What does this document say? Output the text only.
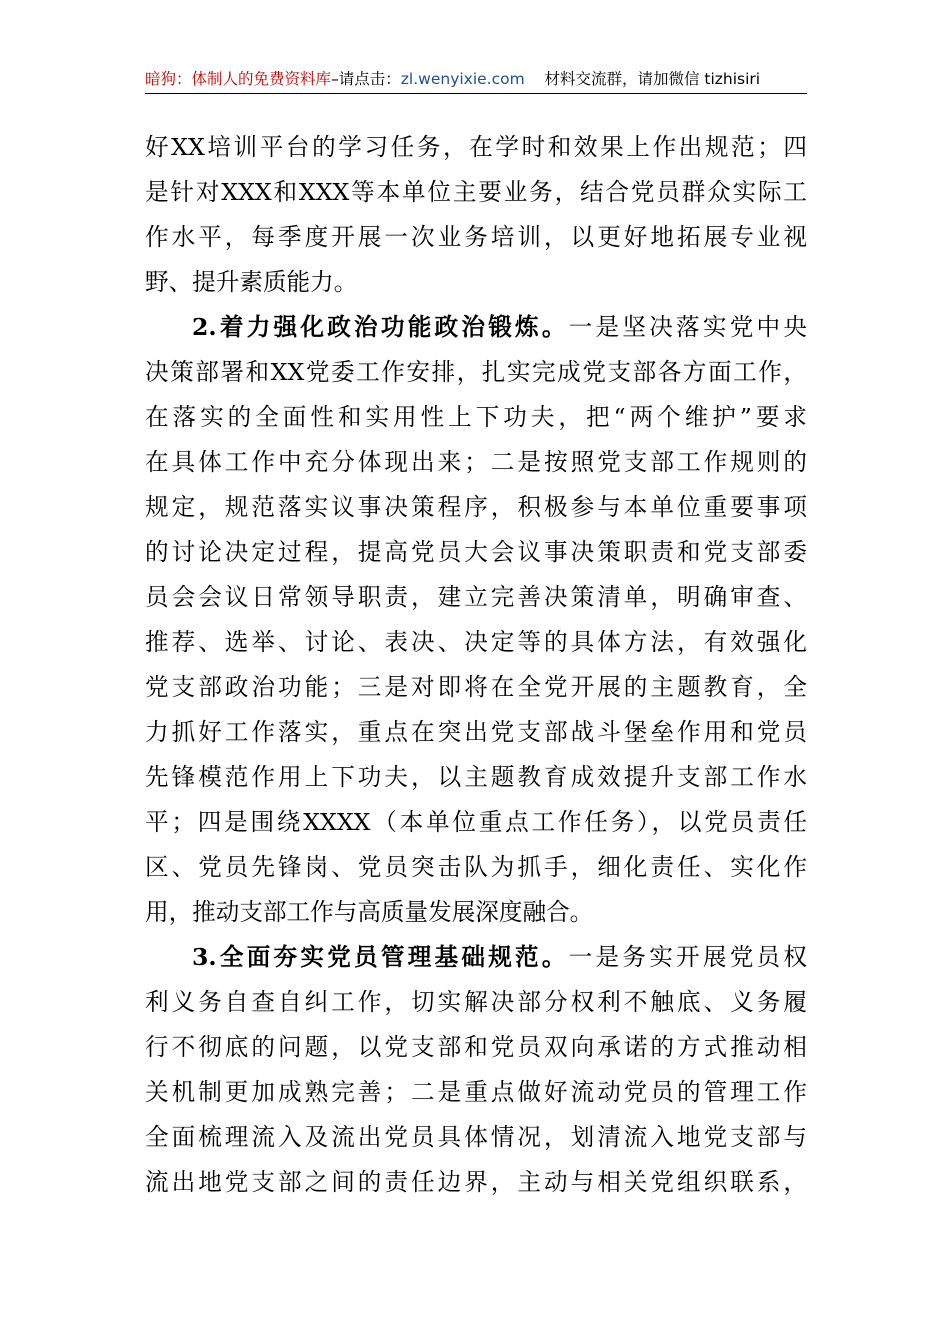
暗狗：体制人的免费资料库–请点击：zl.wenyixie.com 材料交流群，请加微信 tizhisiri
好XX培训平台的学习任务，在学时和效果上作出规范；四
是针对XXX和XXX等本单位主要业务，结合党员群众实际工
作水平，每季度开展一次业务培训，以更好地拓展专业视
野、提升素质能力。
2.着力强化政治功能政治锻炼。一是坚决落实党中央
决策部署和XX党委工作安排，扎实完成党支部各方面工作，
在落实的全面性和实用性上下功夫，把“两个维护”要求
在具体工作中充分体现出来；二是按照党支部工作规则的
规定，规范落实议事决策程序，积极参与本单位重要事项
的讨论决定过程，提高党员大会议事决策职责和党支部委
员会会议日常领导职责，建立完善决策清单，明确审查、
推荐、选举、讨论、表决、决定等的具体方法，有效强化
党支部政治功能；三是对即将在全党开展的主题教育，全
力抓好工作落实，重点在突出党支部战斗堡垒作用和党员
先锋模范作用上下功夫，以主题教育成效提升支部工作水
平；四是围绕XXXX（本单位重点工作任务），以党员责任
区、党员先锋岗、党员突击队为抓手，细化责任、实化作
用，推动支部工作与高质量发展深度融合。
3.全面夯实党员管理基础规范。一是务实开展党员权
利义务自查自纠工作，切实解决部分权利不触底、义务履
行不彻底的问题，以党支部和党员双向承诺的方式推动相
关机制更加成熟完善；二是重点做好流动党员的管理工作
全面梳理流入及流出党员具体情况，划清流入地党支部与
流出地党支部之间的责任边界，主动与相关党组织联系，
